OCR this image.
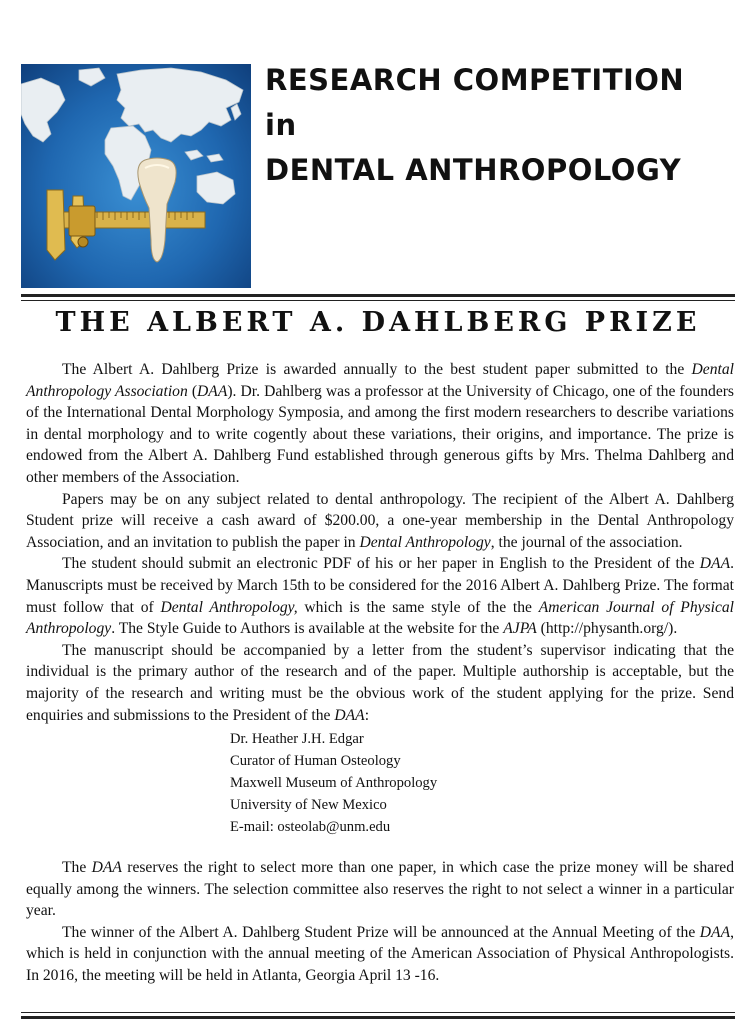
RESEARCH COMPETITION
in
DENTAL ANTHROPOLOGY
THE ALBERT A. DAHLBERG PRIZE

The Albert A. Dahlberg Prize is awarded annually to the best student paper submitted to the Dental Anthropology Association (DAA). Dr. Dahlberg was a professor at the University of Chicago, one of the founders of the International Dental Morphology Symposia, and among the first modern researchers to describe variations in dental morphology and to write cogently about these variations, their origins, and importance. The prize is endowed from the Albert A. Dahlberg Fund established through generous gifts by Mrs. Thelma Dahlberg and other members of the Association.

Papers may be on any subject related to dental anthropology. The recipient of the Albert A. Dahlberg Student prize will receive a cash award of $200.00, a one-year membership in the Dental Anthropology Association, and an invitation to publish the paper in Dental Anthropology, the journal of the association.

The student should submit an electronic PDF of his or her paper in English to the President of the DAA. Manuscripts must be received by March 15th to be considered for the 2016 Albert A. Dahlberg Prize. The format must follow that of Dental Anthropology, which is the same style of the the American Journal of Physical Anthropology. The Style Guide to Authors is available at the website for the AJPA (http://physanth.org/).

The manuscript should be accompanied by a letter from the student’s supervisor indicating that the individual is the primary author of the research and of the paper. Multiple authorship is acceptable, but the majority of the research and writing must be the obvious work of the student applying for the prize. Send enquiries and submissions to the President of the DAA:

Dr. Heather J.H. Edgar
Curator of Human Osteology
Maxwell Museum of Anthropology
University of New Mexico
E-mail: osteolab@unm.edu

The DAA reserves the right to select more than one paper, in which case the prize money will be shared equally among the winners. The selection committee also reserves the right to not select a winner in a particular year.

The winner of the Albert A. Dahlberg Student Prize will be announced at the Annual Meeting of the DAA, which is held in conjunction with the annual meeting of the American Association of Physical Anthropologists. In 2016, the meeting will be held in Atlanta, Georgia April 13 -16.
